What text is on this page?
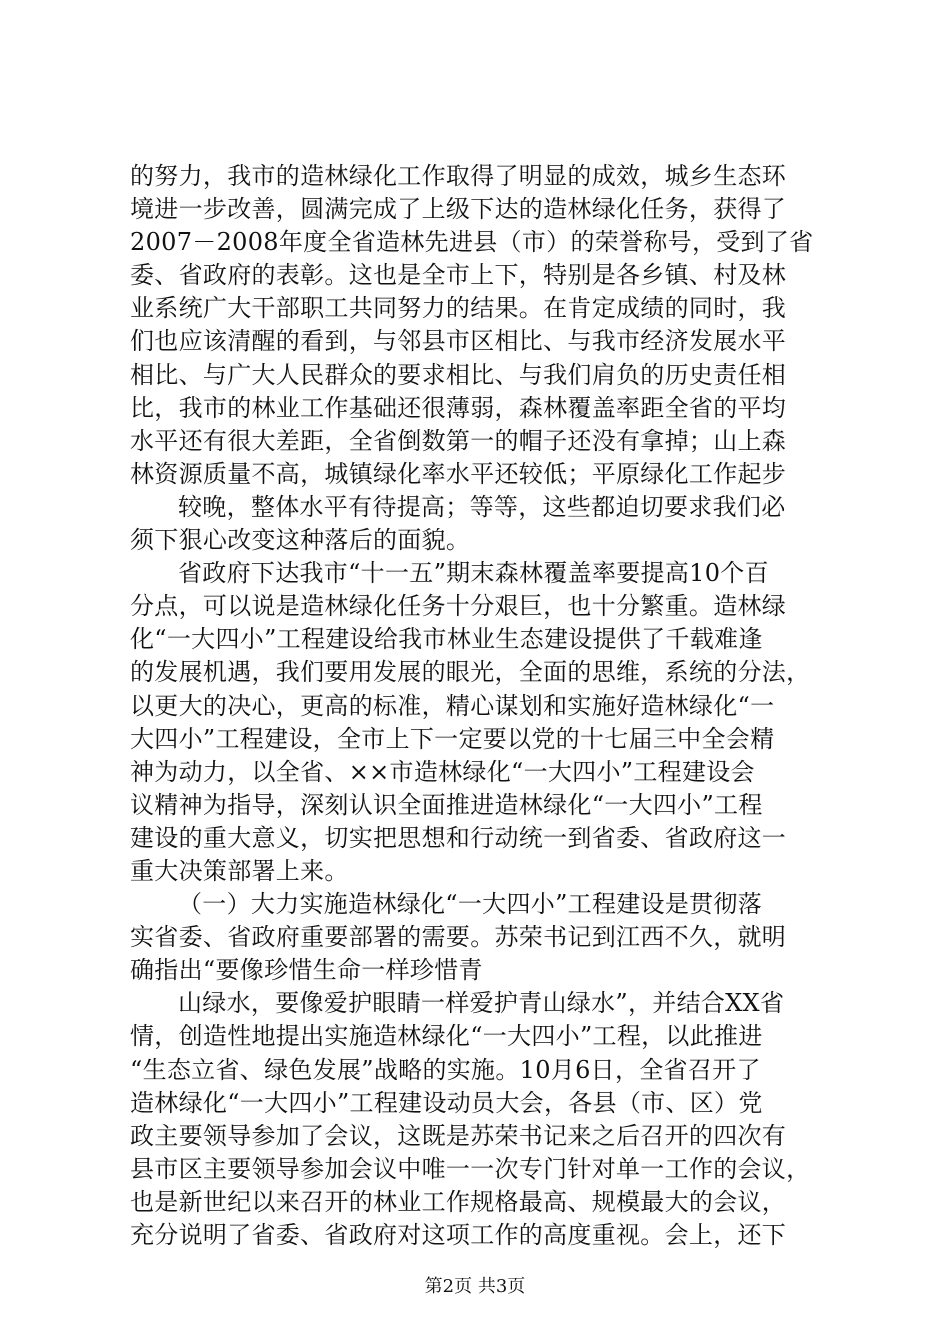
的努力，我市的造林绿化工作取得了明显的成效，城乡生态环
境进一步改善，圆满完成了上级下达的造林绿化任务，获得了
2007－2008年度全省造林先进县（市）的荣誉称号，受到了省
委、省政府的表彰。这也是全市上下，特别是各乡镇、村及林
业系统广大干部职工共同努力的结果。在肯定成绩的同时，我
们也应该清醒的看到，与邻县市区相比、与我市经济发展水平
相比、与广大人民群众的要求相比、与我们肩负的历史责任相
比，我市的林业工作基础还很薄弱，森林覆盖率距全省的平均
水平还有很大差距，全省倒数第一的帽子还没有拿掉；山上森
林资源质量不高，城镇绿化率水平还较低；平原绿化工作起步
较晚，整体水平有待提高；等等，这些都迫切要求我们必
须下狠心改变这种落后的面貌。
省政府下达我市“十一五”期末森林覆盖率要提高10个百
分点，可以说是造林绿化任务十分艰巨，也十分繁重。造林绿
化“一大四小”工程建设给我市林业生态建设提供了千载难逢
的发展机遇，我们要用发展的眼光，全面的思维，系统的分法，
以更大的决心，更高的标准，精心谋划和实施好造林绿化“一
大四小”工程建设，全市上下一定要以党的十七届三中全会精
神为动力，以全省、××市造林绿化“一大四小”工程建设会
议精神为指导，深刻认识全面推进造林绿化“一大四小”工程
建设的重大意义，切实把思想和行动统一到省委、省政府这一
重大决策部署上来。
（一）大力实施造林绿化“一大四小”工程建设是贯彻落
实省委、省政府重要部署的需要。苏荣书记到江西不久，就明
确指出“要像珍惜生命一样珍惜青
山绿水，要像爱护眼睛一样爱护青山绿水”，并结合XX省
情，创造性地提出实施造林绿化“一大四小”工程，以此推进
“生态立省、绿色发展”战略的实施。10月6日，全省召开了
造林绿化“一大四小”工程建设动员大会，各县（市、区）党
政主要领导参加了会议，这既是苏荣书记来之后召开的四次有
县市区主要领导参加会议中唯一一次专门针对单一工作的会议，
也是新世纪以来召开的林业工作规格最高、规模最大的会议，
充分说明了省委、省政府对这项工作的高度重视。会上，还下
第2页 共3页
